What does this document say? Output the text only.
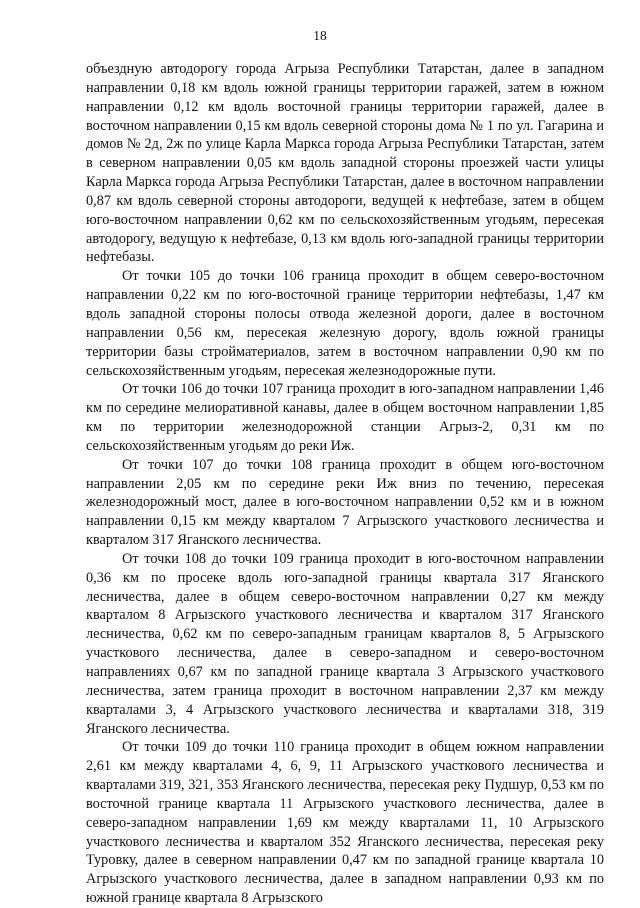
18

объездную автодорогу города Агрыза Республики Татарстан, далее в западном направлении 0,18 км вдоль южной границы территории гаражей, затем в южном направлении 0,12 км вдоль восточной границы территории гаражей, далее в восточном направлении 0,15 км вдоль северной стороны дома № 1 по ул. Гагарина и домов № 2д, 2ж по улице Карла Маркса города Агрыза Республики Татарстан, затем в северном направлении 0,05 км вдоль западной стороны проезжей части улицы Карла Маркса города Агрыза Республики Татарстан, далее в восточном направлении 0,87 км вдоль северной стороны автодороги, ведущей к нефтебазе, затем в общем юго-восточном направлении 0,62 км по сельскохозяйственным угодьям, пересекая автодорогу, ведущую к нефтебазе, 0,13 км вдоль юго-западной границы территории нефтебазы.

От точки 105 до точки 106 граница проходит в общем северо-восточном направлении 0,22 км по юго-восточной границе территории нефтебазы, 1,47 км вдоль западной стороны полосы отвода железной дороги, далее в восточном направлении 0,56 км, пересекая железную дорогу, вдоль южной границы территории базы стройматериалов, затем в восточном направлении 0,90 км по сельскохозяйственным угодьям, пересекая железнодорожные пути.

От точки 106 до точки 107 граница проходит в юго-западном направлении 1,46 км по середине мелиоративной канавы, далее в общем восточном направлении 1,85 км по территории железнодорожной станции Агрыз-2, 0,31 км по сельскохозяйственным угодьям до реки Иж.

От точки 107 до точки 108 граница проходит в общем юго-восточном направлении 2,05 км по середине реки Иж вниз по течению, пересекая железнодорожный мост, далее в юго-восточном направлении 0,52 км и в южном направлении 0,15 км между кварталом 7 Агрызского участкового лесничества и кварталом 317 Яганского лесничества.

От точки 108 до точки 109 граница проходит в юго-восточном направлении 0,36 км по просеке вдоль юго-западной границы квартала 317 Яганского лесничества, далее в общем северо-восточном направлении 0,27 км между кварталом 8 Агрызского участкового лесничества и кварталом 317 Яганского лесничества, 0,62 км по северо-западным границам кварталов 8, 5 Агрызского участкового лесничества, далее в северо-западном и северо-восточном направлениях 0,67 км по западной границе квартала 3 Агрызского участкового лесничества, затем граница проходит в восточном направлении 2,37 км между кварталами 3, 4 Агрызского участкового лесничества и кварталами 318, 319 Яганского лесничества.

От точки 109 до точки 110 граница проходит в общем южном направлении 2,61 км между кварталами 4, 6, 9, 11 Агрызского участкового лесничества и кварталами 319, 321, 353 Яганского лесничества, пересекая реку Пудшур, 0,53 км по восточной границе квартала 11 Агрызского участкового лесничества, далее в северо-западном направлении 1,69 км между кварталами 11, 10 Агрызского участкового лесничества и кварталом 352 Яганского лесничества, пересекая реку Туровку, далее в северном направлении 0,47 км по западной границе квартала 10 Агрызского участкового лесничества, далее в западном направлении 0,93 км по южной границе квартала 8 Агрызского
